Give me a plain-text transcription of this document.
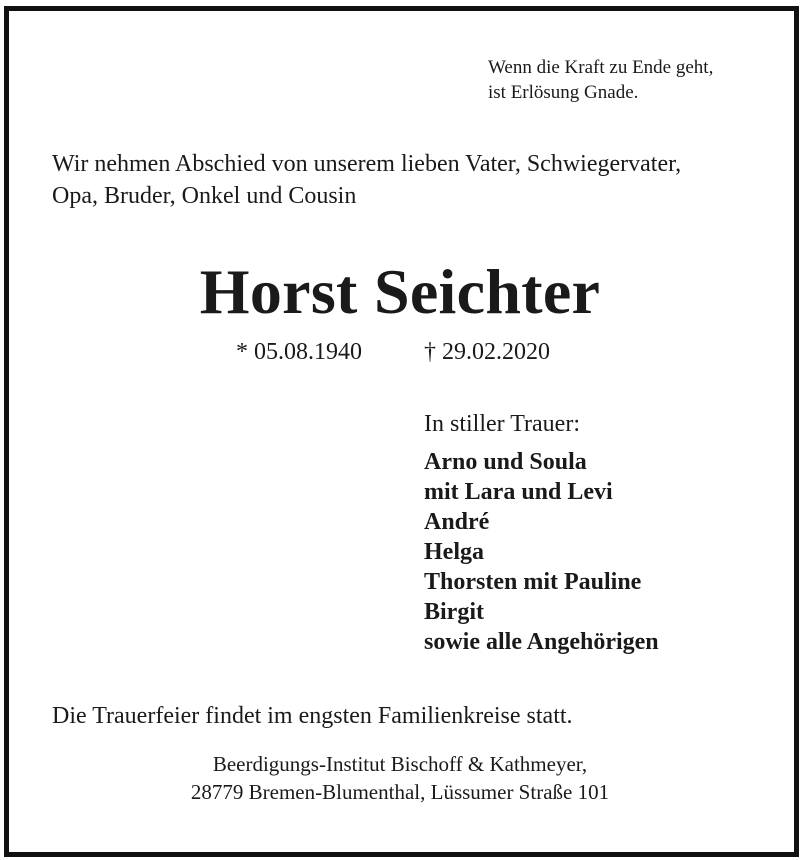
Wenn die Kraft zu Ende geht,
ist Erlösung Gnade.
Wir nehmen Abschied von unserem lieben Vater, Schwiegervater,
Opa, Bruder, Onkel und Cousin
Horst Seichter
* 05.08.1940	† 29.02.2020
In stiller Trauer:
Arno und Soula
mit Lara und Levi
André
Helga
Thorsten mit Pauline
Birgit
sowie alle Angehörigen
Die Trauerfeier findet im engsten Familienkreise statt.
Beerdigungs-Institut Bischoff & Kathmeyer,
28779 Bremen-Blumenthal, Lüssumer Straße 101
